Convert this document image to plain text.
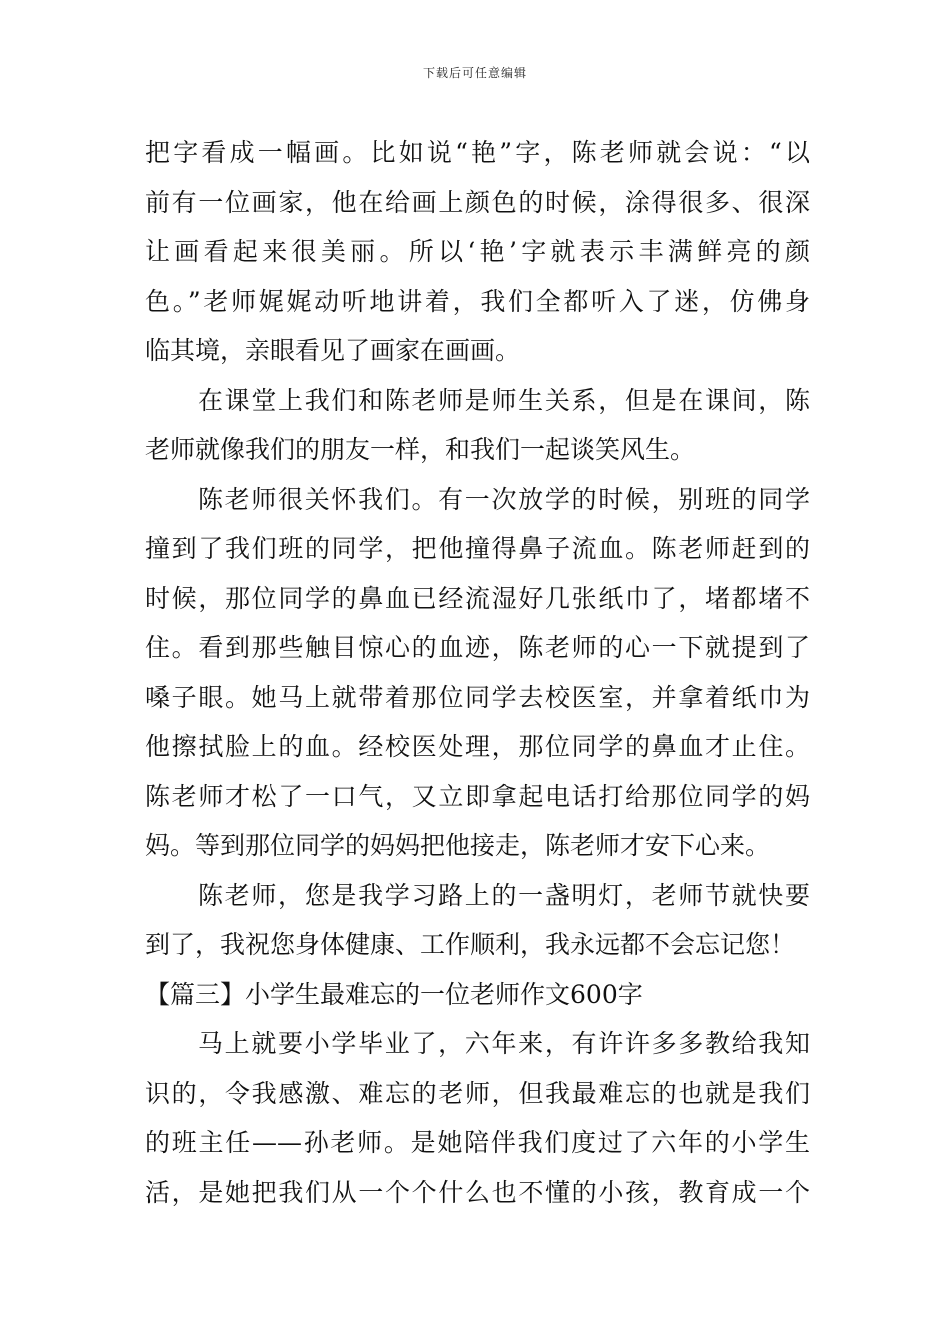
下载后可任意编辑
把字看成一幅画。比如说“艳”字，陈老师就会说：“以
前有一位画家，他在给画上颜色的时候，涂得很多、很深
让画看起来很美丽。所以‘艳’字就表示丰满鲜亮的颜
色。”老师娓娓动听地讲着，我们全都听入了迷，仿佛身
临其境，亲眼看见了画家在画画。
在课堂上我们和陈老师是师生关系，但是在课间，陈
老师就像我们的朋友一样，和我们一起谈笑风生。
陈老师很关怀我们。有一次放学的时候，别班的同学
撞到了我们班的同学，把他撞得鼻子流血。陈老师赶到的
时候，那位同学的鼻血已经流湿好几张纸巾了，堵都堵不
住。看到那些触目惊心的血迹，陈老师的心一下就提到了
嗓子眼。她马上就带着那位同学去校医室，并拿着纸巾为
他擦拭脸上的血。经校医处理，那位同学的鼻血才止住。
陈老师才松了一口气，又立即拿起电话打给那位同学的妈
妈。等到那位同学的妈妈把他接走，陈老师才安下心来。
陈老师，您是我学习路上的一盏明灯，老师节就快要
到了，我祝您身体健康、工作顺利，我永远都不会忘记您！
【篇三】小学生最难忘的一位老师作文600字
马上就要小学毕业了，六年来，有许许多多教给我知
识的，令我感激、难忘的老师，但我最难忘的也就是我们
的班主任——孙老师。是她陪伴我们度过了六年的小学生
活，是她把我们从一个个什么也不懂的小孩，教育成一个
